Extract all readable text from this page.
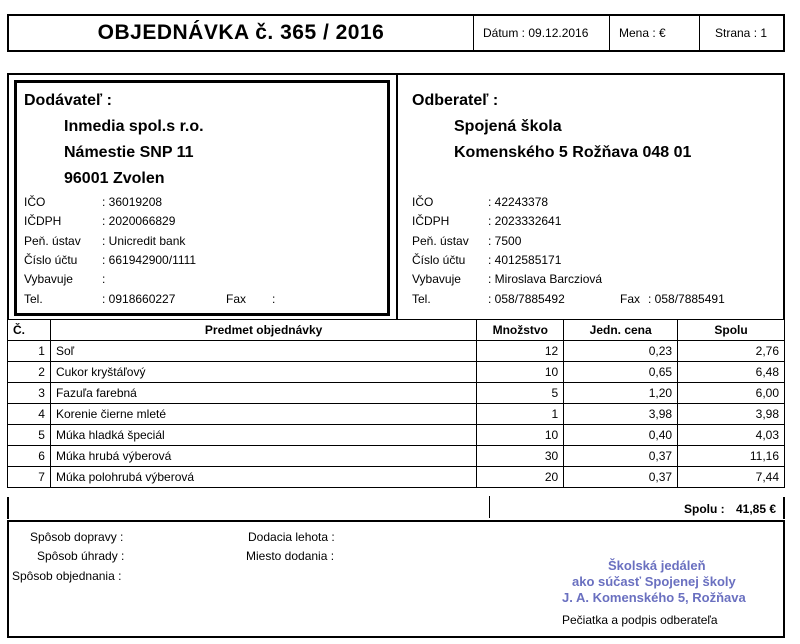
OBJEDNÁVKA č. 365 / 2016	Dátum : 09.12.2016	Mena : €	Strana : 1
Dodávateľ :
Inmedia spol.s r.o.
Námestie SNP 11
96001 Zvolen
IČO	: 36019208
IČDPH	: 2020066829
Peň. ústav : Unicredit bank
Číslo účtu : 661942900/1111
Vybavuje :
Tel.	: 0918660227	Fax :
Odberateľ :
Spojená škola
Komenského 5 Rožňava 048 01
IČO	: 42243378
IČDPH	: 2023332641
Peň. ústav : 7500
Číslo účtu : 4012585171
Vybavuje : Miroslava Barcziová
Tel.	: 058/7885492	Fax : 058/7885491
Č.	Predmet objednávky	Množstvo	Jedn. cena	Spolu
1	Soľ	12	0,23	2,76
2	Cukor kryštáľový	10	0,65	6,48
3	Fazuľa farebná	5	1,20	6,00
4	Korenie čierne mleté	1	3,98	3,98
5	Múka hladká špeciál	10	0,40	4,03
6	Múka hrubá výberová	30	0,37	11,16
7	Múka polohrubá výberová	20	0,37	7,44
Spolu : 41,85 €
Spôsob dopravy :
Spôsob úhrady :
Spôsob objednania :
Dodacia lehota :
Miesto dodania :
Školská jedáleň
ako súčasť Spojenej školy
J. A. Komenského 5, Rožňava
Pečiatka a podpis odberateľa
